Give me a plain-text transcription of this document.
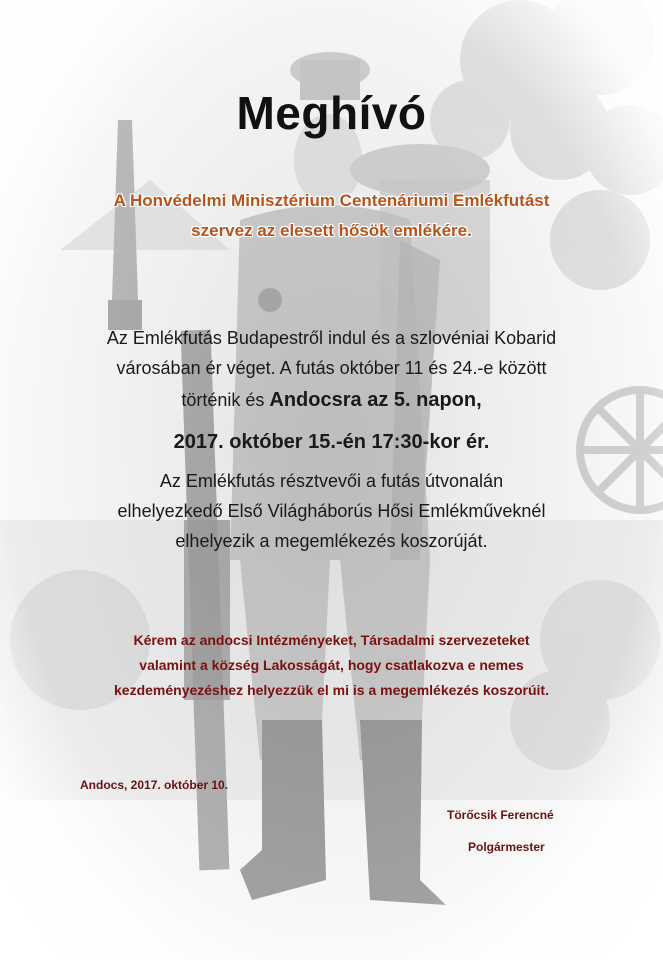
Meghívó
A Honvédelmi Minisztérium Centenáriumi Emlékfutást
szervez az elesett hősök emlékére.
Az Emlékfutás Budapestről indul és a szlovéniai Kobarid
városában ér véget. A futás október 11 és 24.-e között
történik és Andocsra az 5. napon,
2017. október 15.-én 17:30-kor ér.
Az Emlékfutás résztvevői a futás útvonalán
elhelyezkedő Első Világháborús Hősi Emlékműveknél
elhelyezik a megemlékezés koszorúját.
Kérem az andocsi Intézményeket, Társadalmi szervezeteket
valamint a község Lakosságát, hogy csatlakozva e nemes
kezdeményezéshez helyezzük el mi is a megemlékezés koszorúit.
Andocs, 2017. október 10.
Törőcsik Ferencné
Polgármester
